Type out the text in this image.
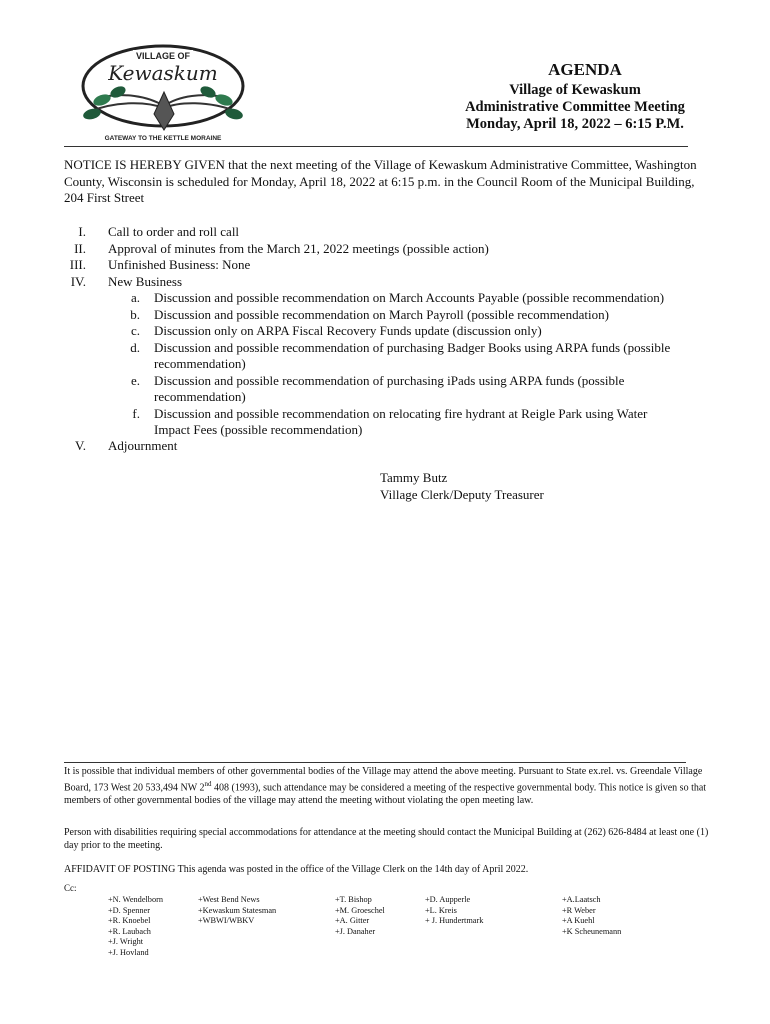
VILLAGE OF
Kewaskum
GATEWAY TO THE KETTLE MORAINE
AGENDA
Village of Kewaskum
Administrative Committee Meeting
Monday, April 18, 2022 – 6:15 P.M.
NOTICE IS HEREBY GIVEN that the next meeting of the Village of Kewaskum Administrative Committee, Washington County, Wisconsin is scheduled for Monday, April 18, 2022 at 6:15 p.m. in the Council Room of the Municipal Building, 204 First Street
I. Call to order and roll call
II. Approval of minutes from the March 21, 2022 meetings (possible action)
III. Unfinished Business: None
IV. New Business
a. Discussion and possible recommendation on March Accounts Payable (possible recommendation)
b. Discussion and possible recommendation on March Payroll (possible recommendation)
c. Discussion only on ARPA Fiscal Recovery Funds update (discussion only)
d. Discussion and possible recommendation of purchasing Badger Books using ARPA funds (possible
recommendation)
e. Discussion and possible recommendation of purchasing iPads using ARPA funds (possible
recommendation)
f. Discussion and possible recommendation on relocating fire hydrant at Reigle Park using Water
Impact Fees (possible recommendation)
V. Adjournment
Tammy Butz
Village Clerk/Deputy Treasurer
It is possible that individual members of other governmental bodies of the Village may attend the above meeting. Pursuant to State ex.rel. vs. Greendale Village Board, 173 West 20 533,494 NW 2nd 408 (1993), such attendance may be considered a meeting of the respective governmental body. This notice is given so that members of other governmental bodies of the village may attend the meeting without violating the open meeting law.
Person with disabilities requiring special accommodations for attendance at the meeting should contact the Municipal Building at (262) 626-8484 at least one (1) day prior to the meeting.
AFFIDAVIT OF POSTING This agenda was posted in the office of the Village Clerk on the 14th day of April 2022.
Cc:
+N. Wendelborn
+D. Spenner
+R. Knoebel
+R. Laubach
+J. Wright
+J. Hovland
+West Bend News
+Kewaskum Statesman
+WBWI/WBKV
+T. Bishop
+M. Groeschel
+A. Gitter
+J. Danaher
+D. Aupperle
+L. Kreis
+ J. Hundertmark
+A.Laatsch
+R Weber
+A Kuehl
+K Scheunemann
